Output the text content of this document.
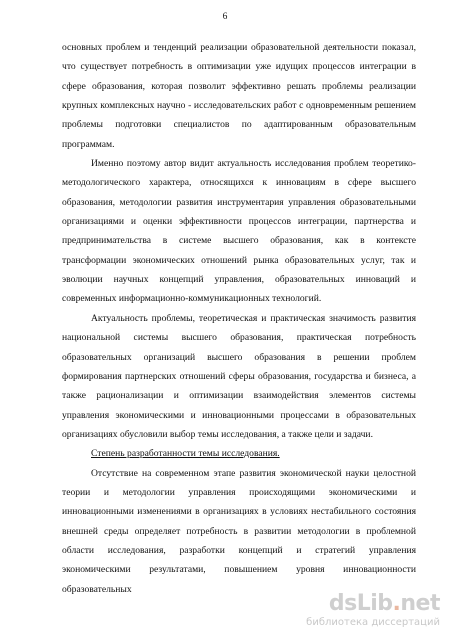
6

основных проблем и тенденций реализации образовательной деятельности показал, что существует потребность в оптимизации уже идущих процессов интеграции в сфере образования, которая позволит эффективно решать проблемы реализации крупных комплексных научно - исследовательских работ с одновременным решением проблемы подготовки специалистов по адаптированным образовательным программам.

Именно поэтому автор видит актуальность исследования проблем теоретико-методологического характера, относящихся к инновациям в сфере высшего образования, методологии развития инструментария управления образовательными организациями и оценки эффективности процессов интеграции, партнерства и предпринимательства в системе высшего образования, как в контексте трансформации экономических отношений рынка образовательных услуг, так и эволюции научных концепций управления, образовательных инноваций и современных информационно-коммуникационных технологий.

Актуальность проблемы, теоретическая и практическая значимость развития национальной системы высшего образования, практическая потребность образовательных организаций высшего образования в решении проблем формирования партнерских отношений сферы образования, государства и бизнеса, а также рационализации и оптимизации взаимодействия элементов системы управления экономическими и инновационными процессами в образовательных организациях обусловили выбор темы исследования, а также цели и задачи.

Степень разработанности темы исследования.

Отсутствие на современном этапе развития экономической науки целостной теории и методологии управления происходящими экономическими и инновационными изменениями в организациях в условиях нестабильного состояния внешней среды определяет потребность в развитии методологии в проблемной области исследования, разработки концепций и стратегий управления экономическими результатами, повышением уровня инновационности образовательных

dsLib.net
библиотека диссертаций
